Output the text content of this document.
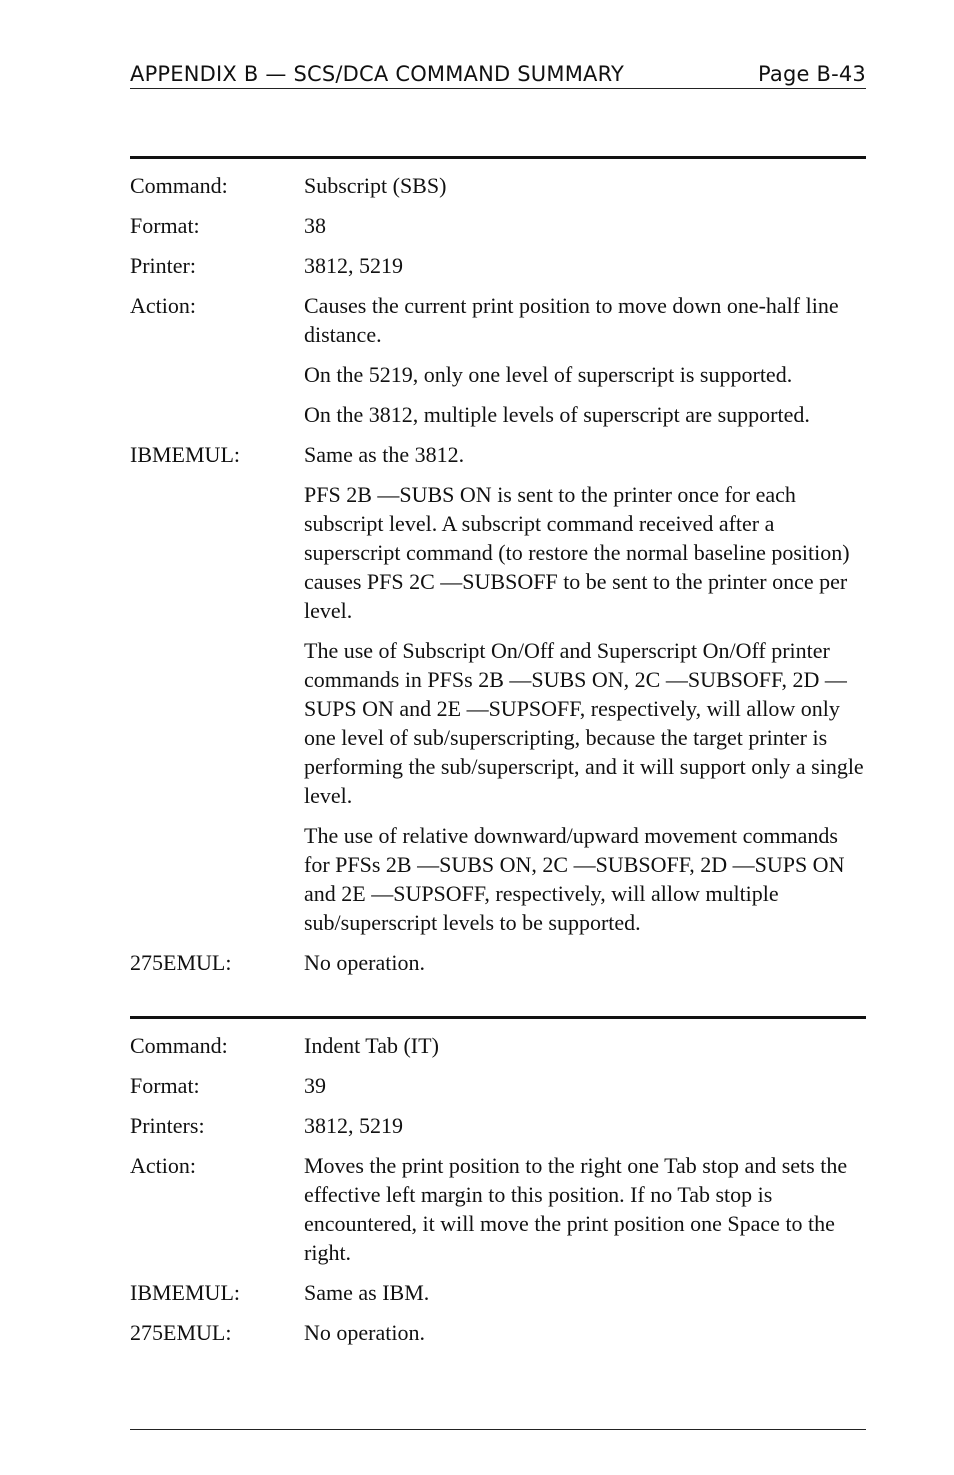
APPENDIX B — SCS/DCA COMMAND SUMMARY	Page B-43
Command:	Subscript (SBS)
Format:	38
Printer:	3812, 5219
Action:	Causes the current print position to move down one-half line distance.

On the 5219, only one level of superscript is supported.

On the 3812, multiple levels of superscript are supported.

IBMEMUL:	Same as the 3812.

PFS 2B —SUBS ON is sent to the printer once for each subscript level. A subscript command received after a superscript command (to restore the normal baseline position) causes PFS 2C —SUBSOFF to be sent to the printer once per level.

The use of Subscript On/Off and Superscript On/Off printer commands in PFSs 2B —SUBS ON, 2C —SUBSOFF, 2D —SUPS ON and 2E —SUPSOFF, respectively, will allow only one level of sub/superscripting, because the target printer is performing the sub/superscript, and it will support only a single level.

The use of relative downward/upward movement commands for PFSs 2B —SUBS ON, 2C —SUBSOFF, 2D —SUPS ON and 2E —SUPSOFF, respectively, will allow multiple sub/superscript levels to be supported.

275EMUL:	No operation.
Command:	Indent Tab (IT)
Format:	39
Printers:	3812, 5219
Action:	Moves the print position to the right one Tab stop and sets the effective left margin to this position. If no Tab stop is encountered, it will move the print position one Space to the right.

IBMEMUL:	Same as IBM.
275EMUL:	No operation.
